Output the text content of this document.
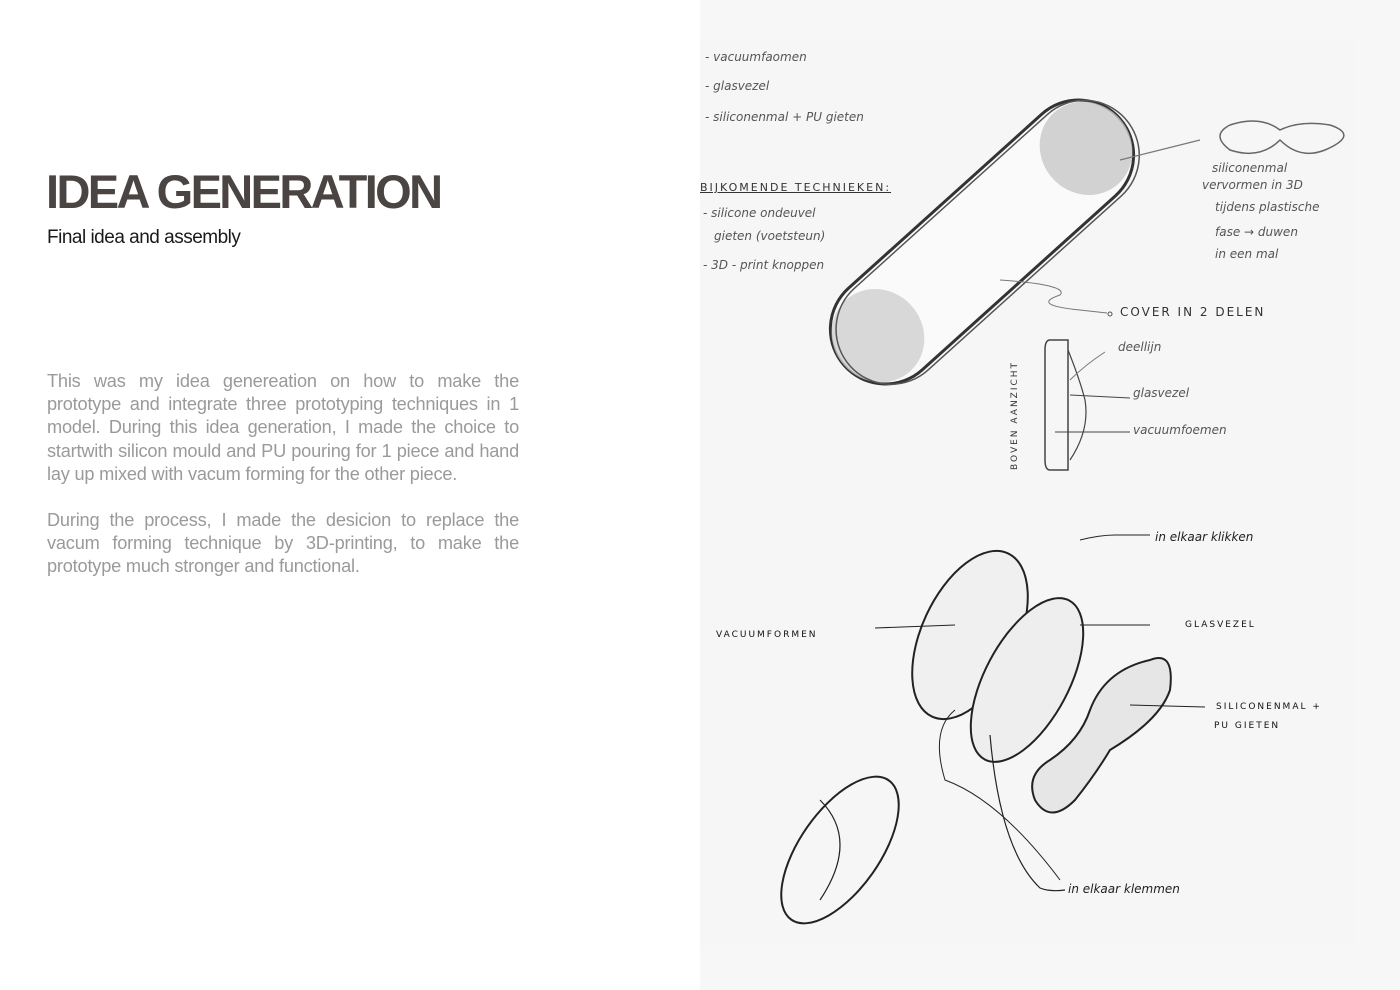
IDEA GENERATION
Final idea and assembly

This was my idea genereation on how to make the prototype and integrate three prototyping techniques in 1 model. During this idea generation, I made the choice to startwith silicon mould and PU pouring for 1 piece and hand lay up mixed with vacum forming for the other piece.

During the process, I made the desicion to replace the vacum forming technique by 3D-printing, to make the prototype much stronger and functional.

- vacuumfaomen
- glasvezel
- siliconenmal + PU gieten
BIJKOMENDE TECHNIEKEN:
- silicone ondeuvel
gieten (voetsteun)
- 3D - print knoppen
siliconenmal
vervormen in 3D
tijdens plastische
fase → duwen
in een mal
COVER IN 2 DELEN
BOVEN AANZICHT
deellijn
glasvezel
vacuumfoemen
in elkaar klikken
VACUUMFORMEN
GLASVEZEL
SILICONENMAL +
PU GIETEN
in elkaar klemmen
